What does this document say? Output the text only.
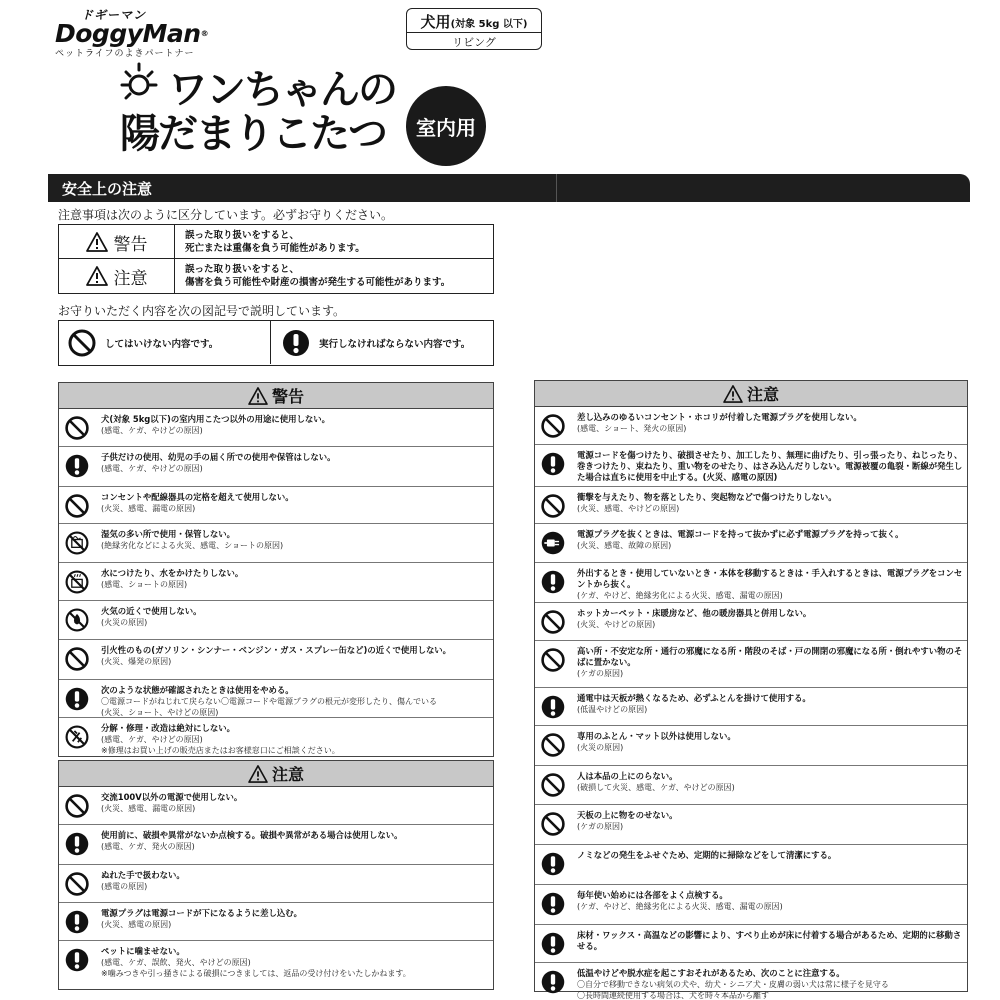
ドギーマン
DoggyMan®
ペットライフのよきパートナー
犬用(対象 5kg 以下)
リビング
ワンちゃんの
陽だまりこたつ	室内用
安全上の注意
注意事項は次のように区分しています。必ずお守りください。
警告	誤った取り扱いをすると、
死亡または重傷を負う可能性があります。
注意	誤った取り扱いをすると、
傷害を負う可能性や財産の損害が発生する可能性があります。
お守りいただく内容を次の図記号で説明しています。
してはいけない内容です。	実行しなければならない内容です。
警告
犬(対象 5kg以下)の室内用こたつ以外の用途に使用しない。
(感電、ケガ、やけどの原因)
子供だけの使用、幼児の手の届く所での使用や保管はしない。
(感電、ケガ、やけどの原因)
コンセントや配線器具の定格を超えて使用しない。
(火災、感電、漏電の原因)
湿気の多い所で使用・保管しない。
(絶縁劣化などによる火災、感電、ショートの原因)
水につけたり、水をかけたりしない。
(感電、ショートの原因)
火気の近くで使用しない。
(火災の原因)
引火性のもの(ガソリン・シンナー・ベンジン・ガス・スプレー缶など)の近くで使用しない。
(火災、爆発の原因)
次のような状態が確認されたときは使用をやめる。
〇電源コードがねじれて戻らない〇電源コードや電源プラグの根元が変形したり、傷んでいる
(火災、ショート、やけどの原因)
分解・修理・改造は絶対にしない。
(感電、ケガ、やけどの原因)
※修理はお買い上げの販売店またはお客様窓口にご相談ください。
注意
交流100V以外の電源で使用しない。
(火災、感電、漏電の原因)
使用前に、破損や異常がないか点検する。破損や異常がある場合は使用しない。
(感電、ケガ、発火の原因)
ぬれた手で扱わない。
(感電の原因)
電源プラグは電源コードが下になるように差し込む。
(火災、感電の原因)
ペットに噛ませない。
(感電、ケガ、誤飲、発火、やけどの原因)
※噛みつきや引っ掻きによる破損につきましては、返品の受け付けをいたしかねます。
注意
差し込みのゆるいコンセント・ホコリが付着した電源プラグを使用しない。
(感電、ショート、発火の原因)
電源コードを傷つけたり、破損させたり、加工したり、無理に曲げたり、引っ張ったり、ねじったり、巻きつけたり、束ねたり、重い物をのせたり、はさみ込んだりしない。電源被覆の亀裂・断線が発生した場合は直ちに使用を中止する。(火災、感電の原因)
衝撃を与えたり、物を落としたり、突起物などで傷つけたりしない。
(火災、感電、やけどの原因)
電源プラグを抜くときは、電源コードを持って抜かずに必ず電源プラグを持って抜く。
(火災、感電、故障の原因)
外出するとき・使用していないとき・本体を移動するときは・手入れするときは、電源プラグをコンセントから抜く。
(ケガ、やけど、絶縁劣化による火災、感電、漏電の原因)
ホットカーペット・床暖房など、他の暖房器具と併用しない。
(火災、やけどの原因)
高い所・不安定な所・通行の邪魔になる所・階段のそば・戸の開閉の邪魔になる所・倒れやすい物のそばに置かない。
(ケガの原因)
通電中は天板が熱くなるため、必ずふとんを掛けて使用する。
(低温やけどの原因)
専用のふとん・マット以外は使用しない。
(火災の原因)
人は本品の上にのらない。
(破損して火災、感電、ケガ、やけどの原因)
天板の上に物をのせない。
(ケガの原因)
ノミなどの発生をふせぐため、定期的に掃除などをして清潔にする。
毎年使い始めには各部をよく点検する。
(ケガ、やけど、絶縁劣化による火災、感電、漏電の原因)
床材・ワックス・高温などの影響により、すべり止めが床に付着する場合があるため、定期的に移動させる。
低温やけどや脱水症を起こすおそれがあるため、次のことに注意する。
〇自分で移動できない病気の犬や、幼犬・シニア犬・皮膚の弱い犬は常に様子を見守る
〇長時間連続使用する場合は、犬を時々本品から離す
